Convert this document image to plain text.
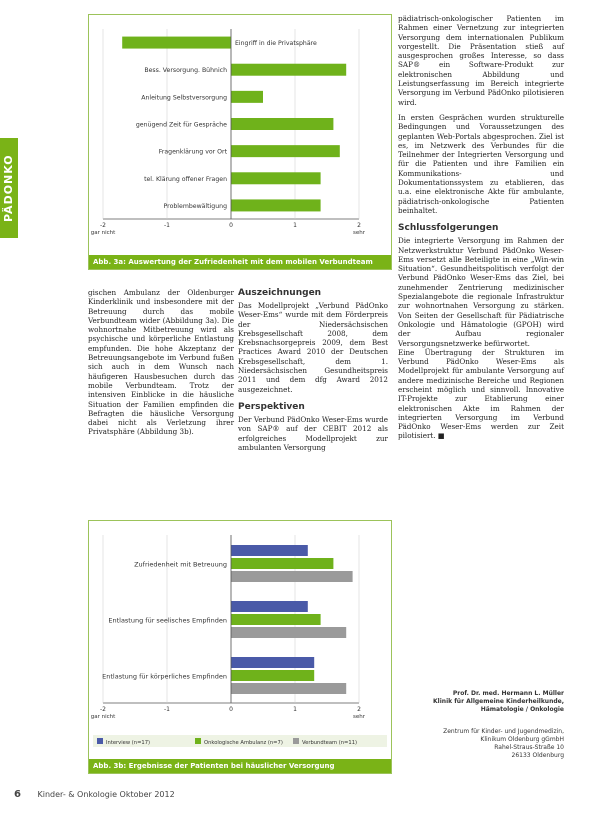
PÄDONKO
-2	-1	0	1	2
gar nicht	sehr
Eingriff in die Privatsphäre
Bess. Versorgung. Bühnich
Anleitung Selbstversorgung
genügend Zeit für Gespräche
Fragenklärung vor Ort
tel. Klärung offener Fragen
Problembewältigung
Abb. 3a: Auswertung der Zufriedenheit mit dem mobilen Verbundteam

gischen Ambulanz der Oldenburger Kinderklinik und insbesondere mit der Betreuung durch das mobile Verbundteam wider (Abbildung 3a). Die wohnortnahe Mitbetreuung wird als psychische und körperliche Entlastung empfunden. Die hohe Akzeptanz der Betreuungsangebote im Verbund fußen sich auch in dem Wunsch nach häufigeren Hausbesuchen durch das mobile Verbundteam. Trotz der intensiven Einblicke in die häusliche Situation der Familien empfinden die Befragten die häusliche Versorgung dabei nicht als Verletzung ihrer Privatsphäre (Abbildung 3b).

Auszeichnungen

Das Modellprojekt „Verbund PädOnko Weser-Ems“ wurde mit dem Förderpreis der Niedersächsischen Krebsgesellschaft 2008, dem Krebsnachsorgepreis 2009, dem Best Practices Award 2010 der Deutschen Krebsgesellschaft, dem 1. Niedersächsischen Gesundheitspreis 2011 und dem dfg Award 2012 ausgezeichnet.

Perspektiven

Der Verbund PädOnko Weser-Ems wurde von SAP® auf der CEBIT 2012 als erfolgreiches Modellprojekt zur ambulanten Versorgung

pädiatrisch-onkologischer Patienten im Rahmen einer Vernetzung zur integrierten Versorgung dem internationalen Publikum vorgestellt. Die Präsentation stieß auf ausgesprochen großes Interesse, so dass SAP® ein Software-Produkt zur elektronischen Abbildung und Leistungserfassung im Bereich integrierte Versorgung im Verbund PädOnko pilotisieren wird.

In ersten Gesprächen wurden strukturelle Bedingungen und Voraussetzungen des geplanten Web-Portals abgesprochen. Ziel ist es, im Netzwerk des Verbundes für die Teilnehmer der Integrierten Versorgung und für die Patienten und ihre Familien ein Kommunikations- und Dokumentationssystem zu etablieren, das u.a. eine elektronische Akte für ambulante, pädiatrisch-onkologische Patienten beinhaltet.

Schlussfolgerungen

Die integrierte Versorgung im Rahmen der Netzwerkstruktur Verbund PädOnko Weser-Ems versetzt alle Beteiligte in eine „Win-win Situation“. Gesundheitspolitisch verfolgt der Verbund PädOnko Weser-Ems das Ziel, bei zunehmender Zentrierung medizinischer Spezialangebote die regionale Infrastruktur zur wohnortnahen Versorgung zu stärken. Von Seiten der Gesellschaft für Pädiatrische Onkologie und Hämatologie (GPOH) wird der Aufbau regionaler Versorgungsnetzwerke befürwortet.

Eine Übertragung der Strukturen im Verbund PädOnko Weser-Ems als Modellprojekt für ambulante Versorgung auf andere medizinische Bereiche und Regionen erscheint möglich und sinnvoll. Innovative IT-Projekte zur Etablierung einer elektronischen Akte im Rahmen der integrierten Versorgung im Verbund PädOnko Weser-Ems werden zur Zeit pilotisiert. ■

Prof. Dr. med. Hermann L. Müller
Klinik für Allgemeine Kinderheilkunde,
Hämatologie / Onkologie
Zentrum für Kinder- und Jugendmedizin,
Klinikum Oldenburg gGmbH
Rahel-Straus-Straße 10
26133 Oldenburg
-2	-1	0	1	2
gar nicht	sehr
Zufriedenheit mit Betreuung
Entlastung für seelisches Empfinden
Entlastung für körperliches Empfinden
Interview (n=17)	Onkologische Ambulanz (n=7)	Verbundteam (n=11)
Abb. 3b: Ergebnisse der Patienten bei häuslicher Versorgung
6 Kinder- & Onkologie Oktober 2012
